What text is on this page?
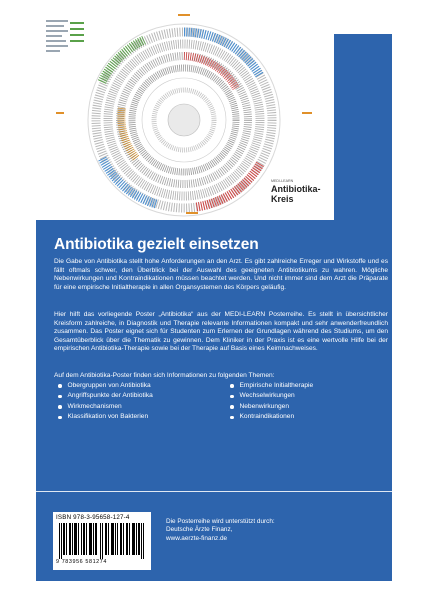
MEDI-LEARN
Antibiotika-
Kreis
Antibiotika gezielt einsetzen

Die Gabe von Antibiotika stellt hohe Anforderungen an den Arzt. Es gibt zahlreiche Erreger und Wirkstoffe und es fällt oftmals schwer, den Überblick bei der Auswahl des geeigneten Antibiotikums zu wahren. Mögliche Nebenwirkungen und Kontraindikationen müssen beachtet werden. Und nicht immer sind dem Arzt die Präparate für eine empirische Initialtherapie in allen Organsystemen des Körpers geläufig.

Hier hilft das vorliegende Poster „Antibiotika“ aus der MEDI-LEARN Posterreihe. Es stellt in übersichtlicher Kreisform zahlreiche, in Diagnostik und Therapie relevante Informationen kompakt und sehr anwenderfreundlich zusammen. Das Poster eignet sich für Studenten zum Erlernen der Grundlagen während des Studiums, um den Gesamtüberblick über die Thematik zu gewinnen. Dem Kliniker in der Praxis ist es eine wertvolle Hilfe bei der empirischen Antibiotika-Therapie sowie bei der Therapie auf Basis eines Keimnachweises.

Auf dem Antibiotika-Poster finden sich Informationen zu folgenden Themen:

Obergruppen von Antibiotika	Empirische Initialtherapie
Angriffspunkte der Antibiotika	Wechselwirkungen
Wirkmechanismen	Nebenwirkungen
Klassifikation von Bakterien	Kontraindikationen
ISBN 978-3-95658-127-4
9 783956 581274
Die Posterreihe wird unterstützt durch:
Deutsche Ärzte Finanz,
www.aerzte-finanz.de
